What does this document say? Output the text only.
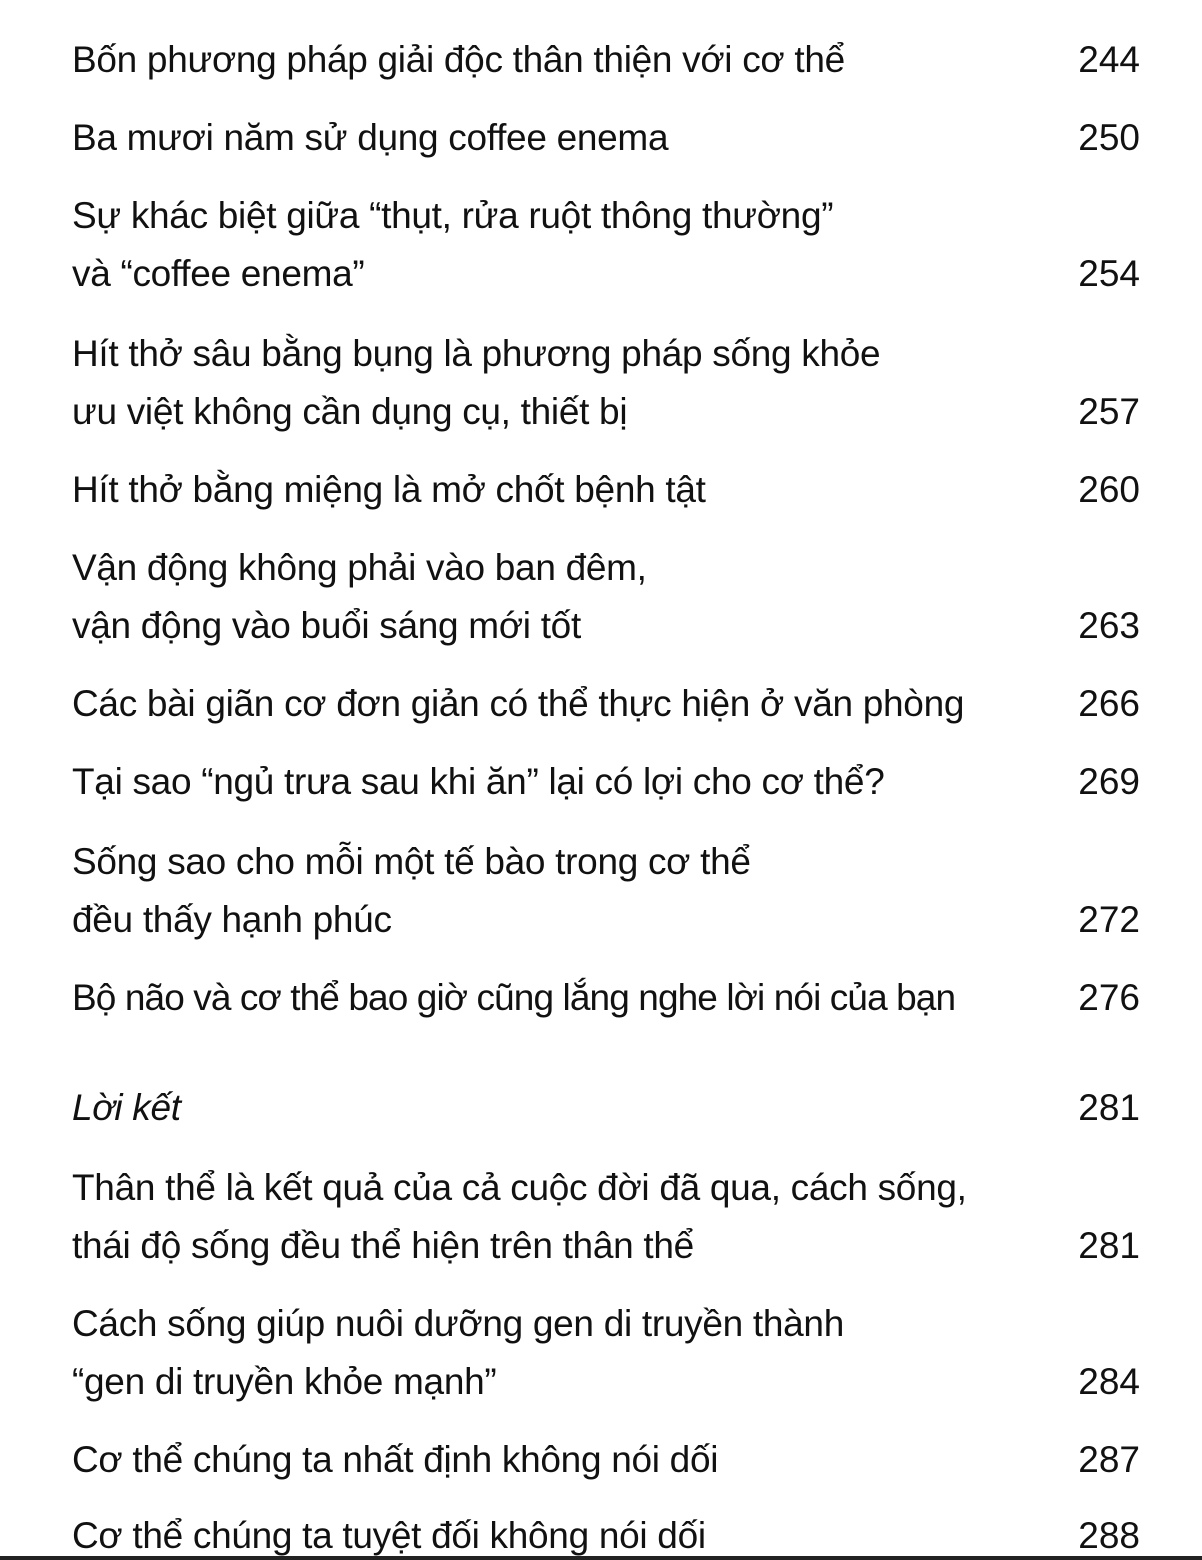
Bốn phương pháp giải độc thân thiện với cơ thể	244
Ba mươi năm sử dụng coffee enema	250
Sự khác biệt giữa “thụt, rửa ruột thông thường”
và “coffee enema”	254
Hít thở sâu bằng bụng là phương pháp sống khỏe
ưu việt không cần dụng cụ, thiết bị	257
Hít thở bằng miệng là mở chốt bệnh tật	260
Vận động không phải vào ban đêm,
vận động vào buổi sáng mới tốt	263
Các bài giãn cơ đơn giản có thể thực hiện ở văn phòng	266
Tại sao “ngủ trưa sau khi ăn” lại có lợi cho cơ thể?	269
Sống sao cho mỗi một tế bào trong cơ thể
đều thấy hạnh phúc	272
Bộ não và cơ thể bao giờ cũng lắng nghe lời nói của bạn	276
Lời kết	281
Thân thể là kết quả của cả cuộc đời đã qua, cách sống,
thái độ sống đều thể hiện trên thân thể	281
Cách sống giúp nuôi dưỡng gen di truyền thành
“gen di truyền khỏe mạnh”	284
Cơ thể chúng ta nhất định không nói dối	287
Cơ thể chúng ta tuyệt đối không nói dối	288
